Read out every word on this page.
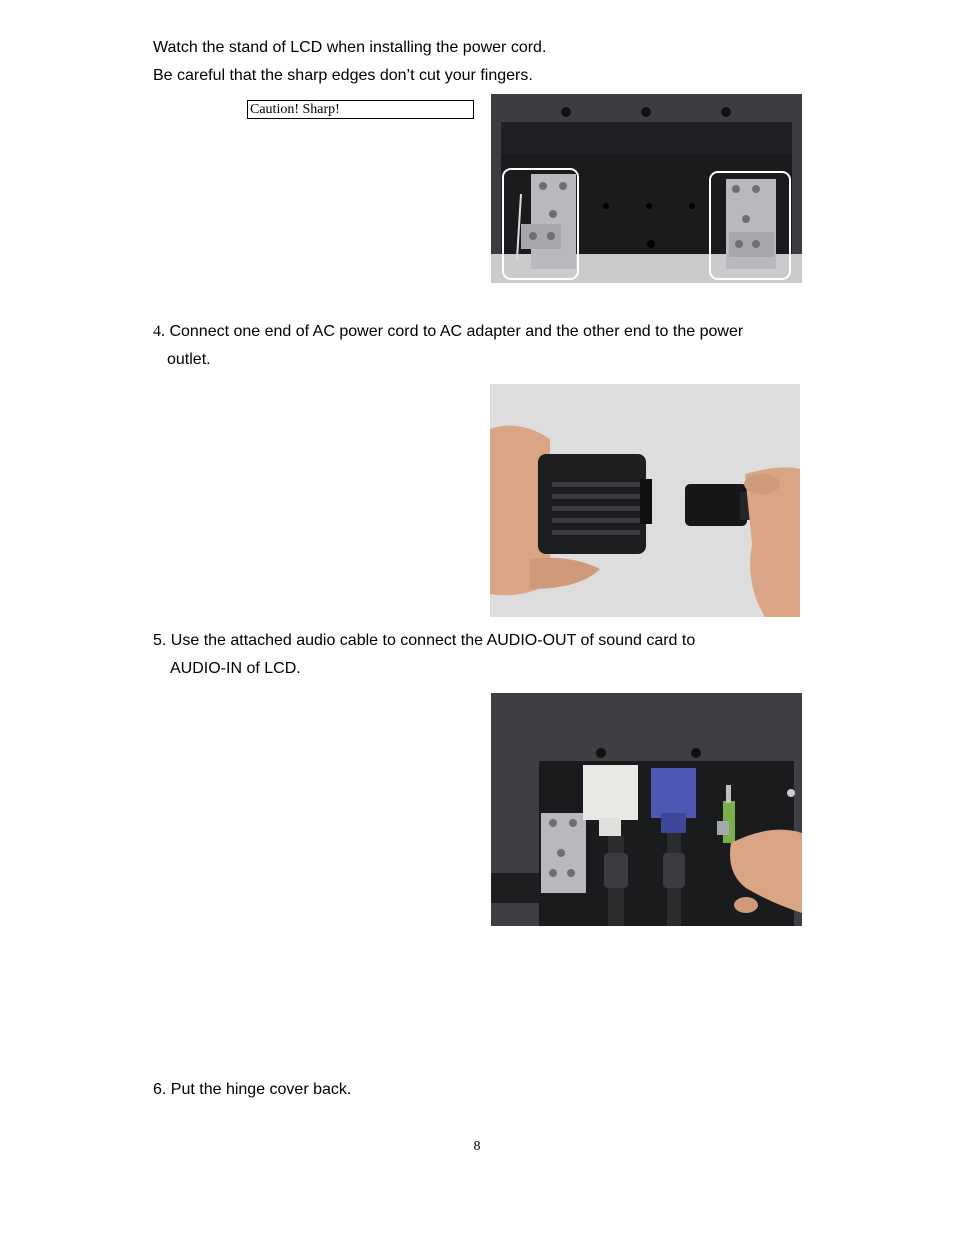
Watch the stand of LCD when installing the power cord.
Be careful that the sharp edges don’t cut your fingers.
Caution! Sharp!
4. Connect one end of AC power cord to AC adapter and the other end to the power
outlet.
5. Use the attached audio cable to connect the AUDIO-OUT of sound card to
AUDIO-IN of LCD.
6. Put the hinge cover back.
8
